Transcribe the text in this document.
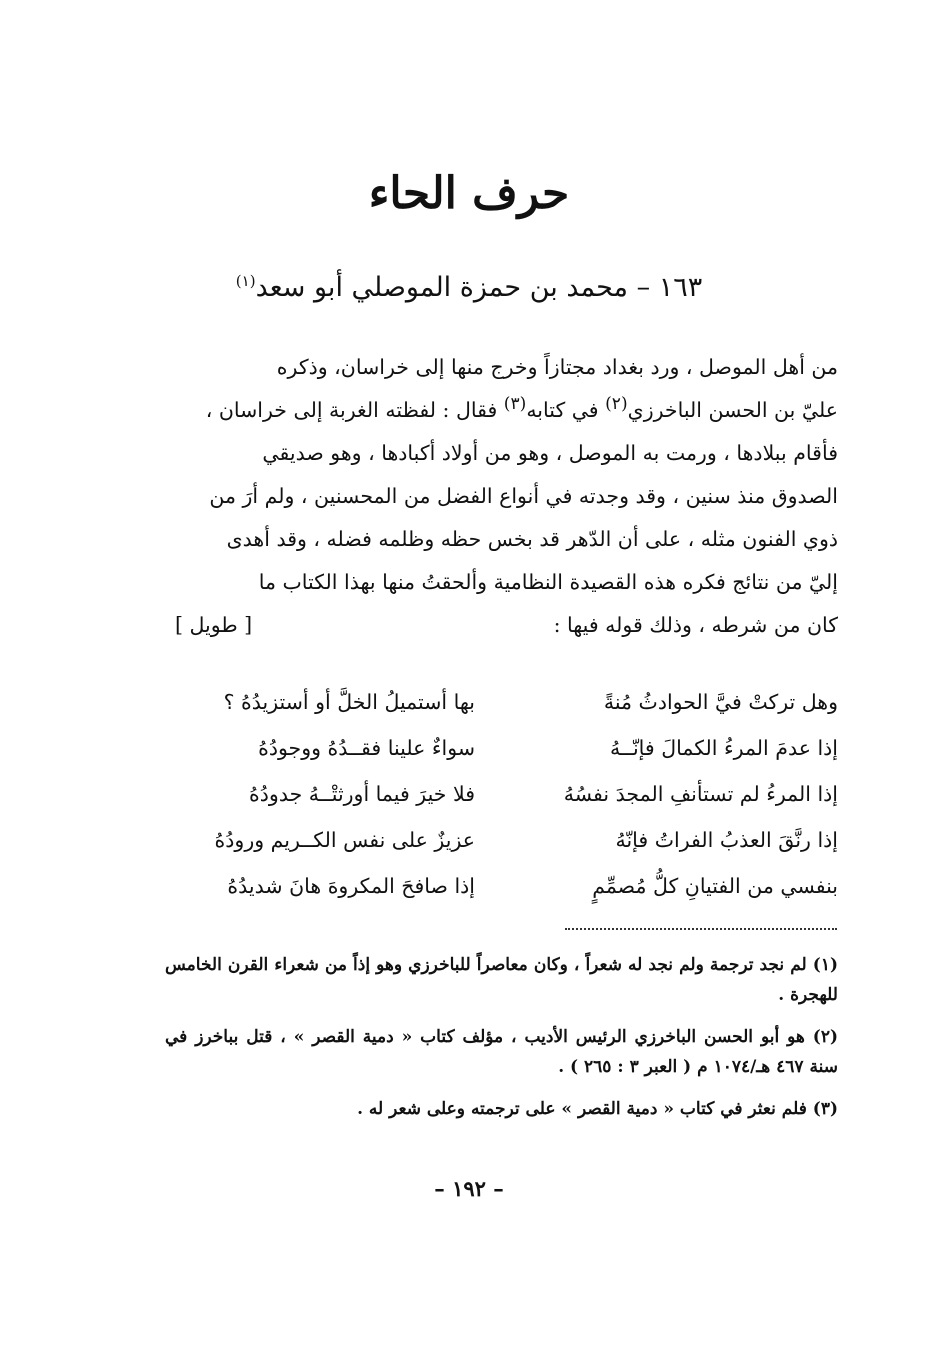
حرف الحاء
١٦٣ – محمد بن حمزة الموصلي أبو سعد$^{(١)}$

من أهل الموصل ، ورد بغداد مجتازاً وخرج منها إلى خراسان، وذكره

عليّ بن الحسن الباخرزي$^{(٢)}$ في كتابه$^{(٣)}$ فقال : لفظته الغربة إلى خراسان ،

فأقام ببلادها ، ورمت به الموصل ، وهو من أولاد أكبادها ، وهو صديقي

الصدوق منذ سنين ، وقد وجدته في أنواع الفضل من المحسنين ، ولم أرَ من

ذوي الفنون مثله ، على أن الدّهر قد بخس حظه وظلمه فضله ، وقد أهدى

إليّ من نتائج فكره هذه القصيدة النظامية وألحقتُ منها بهذا الكتاب ما

كان من شرطه ، وذلك قوله فيها :
[ طويل ]

وهل تركتْ فيَّ الحوادثُ مُنةً
بها أستميلُ الخلَّ أو أستزيدُهُ ؟
إذا عدمَ المرءُ الكمالَ فإنّــهُ
سواءٌ علينا فقــدُهُ ووجودُهُ
إذا المرءُ لم تستأنفِ المجدَ نفسُهُ
فلا خيرَ فيما أورثتْــهُ جدودُهُ
إذا رنَّقَ العذبُ الفراتُ فإنّهُ
عزيزٌ على نفس الكــريم ورودُهُ
بنفسي من الفتيانِ كلُّ مُصمِّمٍ
إذا صافحَ المكروهَ هانَ شديدُهُ

(١) لم نجد ترجمة ولم نجد له شعراً ، وكان معاصراً للباخرزي وهو إذاً من شعراء القرن الخامس للهجرة .

(٢) هو أبو الحسن الباخرزي الرئيس الأديب ، مؤلف كتاب « دمية القصر » ، قتل بباخرز في سنة ٤٦٧ هـ/١٠٧٤ م ( العبر ٣ : ٢٦٥ ) .

(٣) فلم نعثر في كتاب « دمية القصر » على ترجمته وعلى شعر له .

– ١٩٢ –
